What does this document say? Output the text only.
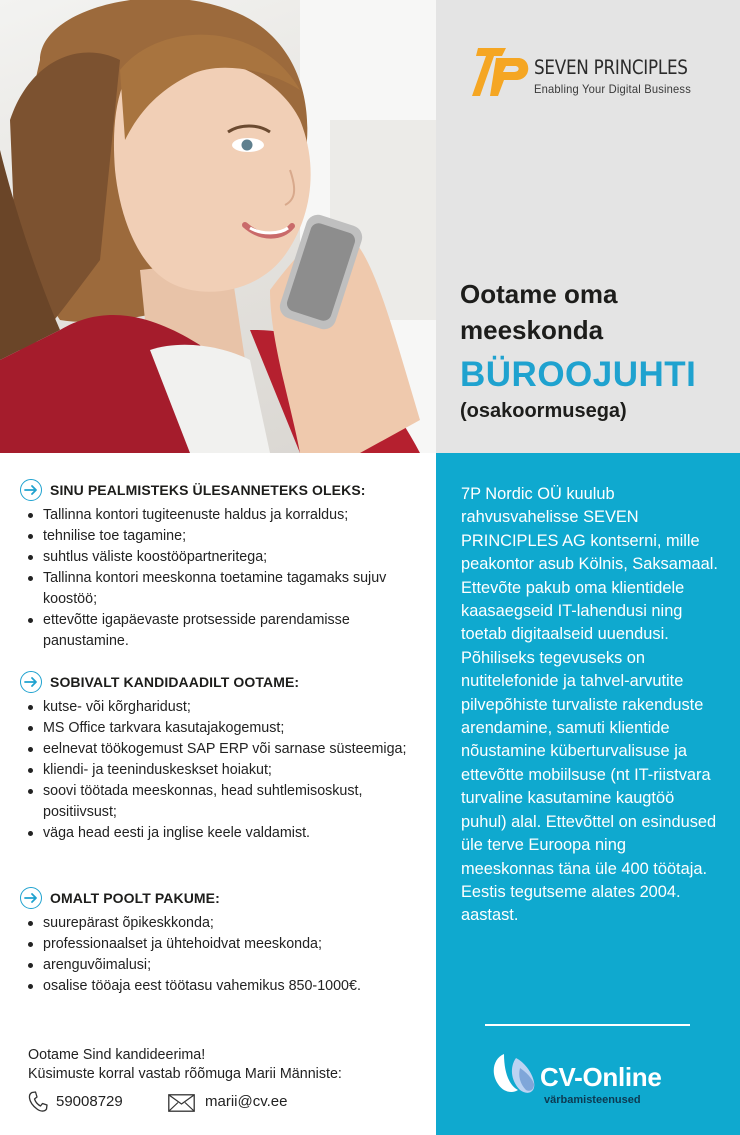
SEVEN PRINCIPLES
Enabling Your Digital Business
Ootame oma
meeskonda
BÜROOJUHTI
(osakoormusega)
SINU PEALMISTEKS ÜLESANNETEKS OLEKS:
Tallinna kontori tugiteenuste haldus ja korraldus;
tehnilise toe tagamine;
suhtlus väliste koostööpartneritega;
Tallinna kontori meeskonna toetamine tagamaks sujuv koostöö;
ettevõtte igapäevaste protsesside parendamisse panustamine.
SOBIVALT KANDIDAADILT OOTAME:
kutse- või kõrgharidust;
MS Office tarkvara kasutajakogemust;
eelnevat töökogemust SAP ERP või sarnase süsteemiga;
kliendi- ja teeninduskeskset hoiakut;
soovi töötada meeskonnas, head suhtlemisoskust, positiivsust;
väga head eesti ja inglise keele valdamist.
OMALT POOLT PAKUME:
suurepärast õpikeskkonda;
professionaalset ja ühtehoidvat meeskonda;
arenguvõimalusi;
osalise tööaja eest töötasu vahemikus 850-1000€.

Ootame Sind kandideerima!

Küsimuste korral vastab rõõmuga Marii Männiste:

59008729	marii@cv.ee

7P Nordic OÜ kuulub rahvusvahelisse SEVEN PRINCIPLES AG kontserni, mille peakontor asub Kölnis, Saksamaal. Ettevõte pakub oma klientidele kaasaegseid IT-lahendusi ning toetab digitaalseid uuendusi. Põhiliseks tegevuseks on nutitelefonide ja tahvel-arvutite pilvepõhiste turvaliste rakenduste arendamine, samuti klientide nõustamine küberturvalisuse ja ettevõtte mobiilsuse (nt IT-riistvara turvaline kasutamine kaugtöö puhul) alal. Ettevõttel on esindused üle terve Euroopa ning meeskonnas täna üle 400 töötaja. Eestis tegutseme alates 2004. aastast.

CV-Online
värbamisteenused
